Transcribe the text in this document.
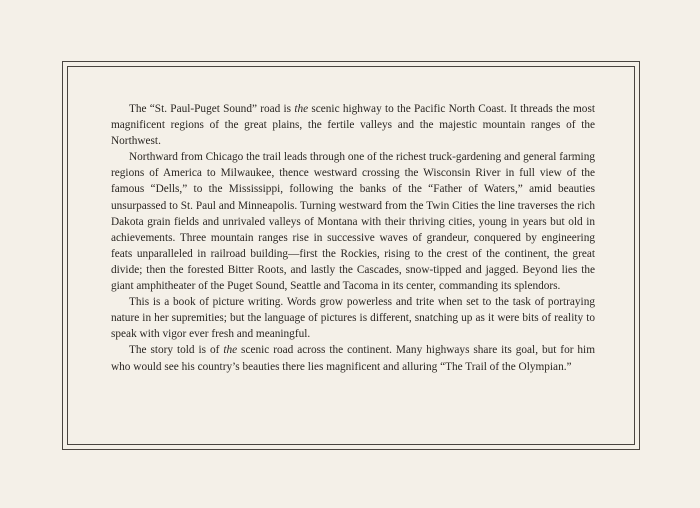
The “St. Paul-Puget Sound” road is the scenic highway to the Pacific North Coast. It threads the most magnificent regions of the great plains, the fertile valleys and the majestic mountain ranges of the Northwest.

Northward from Chicago the trail leads through one of the richest truck-gardening and general farming regions of America to Milwaukee, thence westward crossing the Wisconsin River in full view of the famous “Dells,” to the Mississippi, following the banks of the “Father of Waters,” amid beauties unsurpassed to St. Paul and Minneapolis. Turning westward from the Twin Cities the line traverses the rich Dakota grain fields and unrivaled valleys of Montana with their thriving cities, young in years but old in achievements. Three mountain ranges rise in successive waves of grandeur, conquered by engineering feats unparalleled in railroad building—first the Rockies, rising to the crest of the continent, the great divide; then the forested Bitter Roots, and lastly the Cascades, snow-tipped and jagged. Beyond lies the giant amphitheater of the Puget Sound, Seattle and Tacoma in its center, commanding its splendors.

This is a book of picture writing. Words grow powerless and trite when set to the task of portraying nature in her supremities; but the language of pictures is different, snatching up as it were bits of reality to speak with vigor ever fresh and meaningful.

The story told is of the scenic road across the continent. Many highways share its goal, but for him who would see his country’s beauties there lies magnificent and alluring “The Trail of the Olympian.”
